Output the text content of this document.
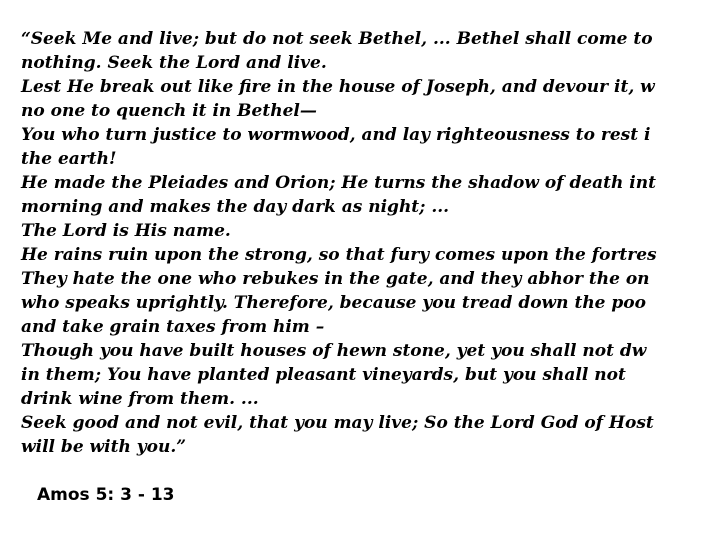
“Seek Me and live; but do not seek Bethel, ... Bethel shall come to
nothing. Seek the Lord and live.
Lest He break out like fire in the house of Joseph, and devour it, w
no one to quench it in Bethel—
You who turn justice to wormwood, and lay righteousness to rest i
the earth!
He made the Pleiades and Orion; He turns the shadow of death int
morning and makes the day dark as night; ...
The Lord is His name.
He rains ruin upon the strong, so that fury comes upon the fortres
They hate the one who rebukes in the gate, and they abhor the on
who speaks uprightly. Therefore, because you tread down the poo
and take grain taxes from him –
Though you have built houses of hewn stone, yet you shall not dw
in them; You have planted pleasant vineyards, but you shall not
drink wine from them. ...
Seek good and not evil, that you may live; So the Lord God of Host
will be with you.”
Amos 5: 3 - 13
